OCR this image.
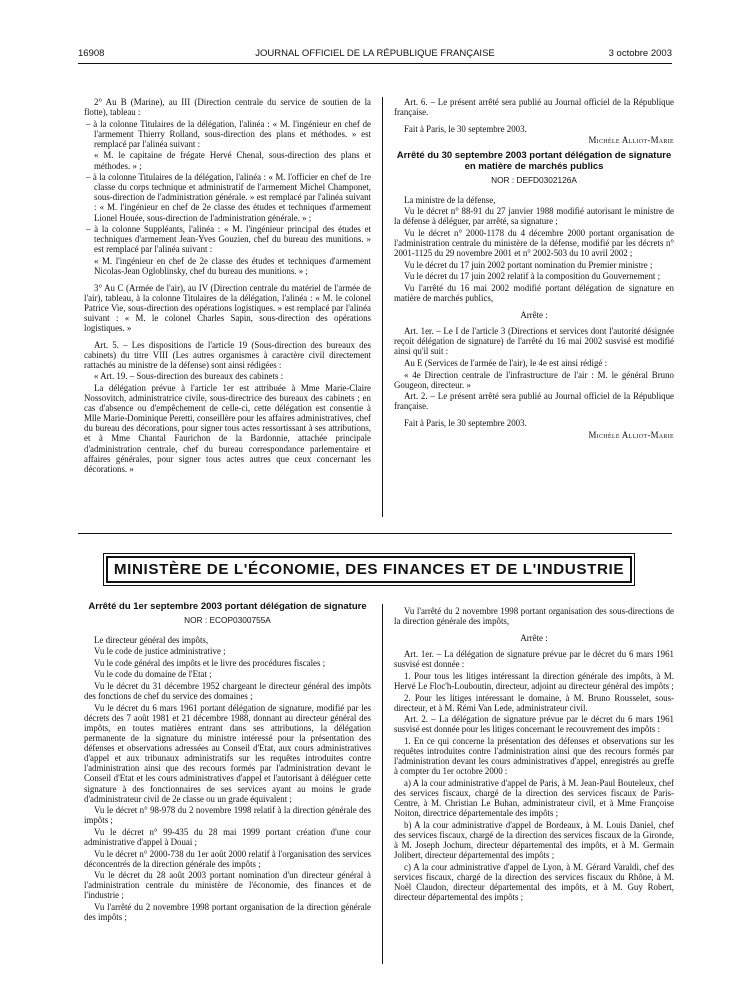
16908	JOURNAL OFFICIEL DE LA RÉPUBLIQUE FRANÇAISE	3 octobre 2003

2° Au B (Marine), au III (Direction centrale du service de soutien de la flotte), tableau :

– à la colonne Titulaires de la délégation, l'alinéa : « M. l'ingénieur en chef de l'armement Thierry Rolland, sous-direction des plans et méthodes. » est remplacé par l'alinéa suivant :

« M. le capitaine de frégate Hervé Chenal, sous-direction des plans et méthodes. » ;

– à la colonne Titulaires de la délégation, l'alinéa : « M. l'officier en chef de 1re classe du corps technique et administratif de l'armement Michel Champonet, sous-direction de l'administration générale. » est remplacé par l'alinéa suivant : « M. l'ingénieur en chef de 2e classe des études et techniques d'armement Lionel Houée, sous-direction de l'administration générale. » ;

– à la colonne Suppléants, l'alinéa : « M. l'ingénieur principal des études et techniques d'armement Jean-Yves Gouzien, chef du bureau des munitions. » est remplacé par l'alinéa suivant :

« M. l'ingénieur en chef de 2e classe des études et techniques d'armement Nicolas-Jean Ogloblinsky, chef du bureau des munitions. » ;

3° Au C (Armée de l'air), au IV (Direction centrale du matériel de l'armée de l'air), tableau, à la colonne Titulaires de la délégation, l'alinéa : « M. le colonel Patrice Vie, sous-direction des opérations logistiques. » est remplacé par l'alinéa suivant : « M. le colonel Charles Sapin, sous-direction des opérations logistiques. »

Art. 5. – Les dispositions de l'article 19 (Sous-direction des bureaux des cabinets) du titre VIII (Les autres organismes à caractère civil directement rattachés au ministre de la défense) sont ainsi rédigées :

« Art. 19. – Sous-direction des bureaux des cabinets :

La délégation prévue à l'article 1er est attribuée à Mme Marie-Claire Nossovitch, administratrice civile, sous-directrice des bureaux des cabinets ; en cas d'absence ou d'empêchement de celle-ci, cette délégation est consentie à Mlle Marie-Dominique Peretti, conseillère pour les affaires administratives, chef du bureau des décorations, pour signer tous actes ressortissant à ses attributions, et à Mme Chantal Faurichon de la Bardonnie, attachée principale d'administration centrale, chef du bureau correspondance parlementaire et affaires générales, pour signer tous actes autres que ceux concernant les décorations. »

Art. 6. – Le présent arrêté sera publié au Journal officiel de la République française.

Fait à Paris, le 30 septembre 2003.

Michèle Alliot-Marie

Arrêté du 30 septembre 2003 portant délégation de signature en matière de marchés publics
NOR : DEFD0302126A

La ministre de la défense,

Vu le décret n° 88-91 du 27 janvier 1988 modifié autorisant le ministre de la défense à déléguer, par arrêté, sa signature ;

Vu le décret n° 2000-1178 du 4 décembre 2000 portant organisation de l'administration centrale du ministère de la défense, modifié par les décrets n° 2001-1125 du 29 novembre 2001 et n° 2002-503 du 10 avril 2002 ;

Vu le décret du 17 juin 2002 portant nomination du Premier ministre ;

Vu le décret du 17 juin 2002 relatif à la composition du Gouvernement ;

Vu l'arrêté du 16 mai 2002 modifié portant délégation de signature en matière de marchés publics,

Arrête :

Art. 1er. – Le I de l'article 3 (Directions et services dont l'autorité désignée reçoit délégation de signature) de l'arrêté du 16 mai 2002 susvisé est modifié ainsi qu'il suit :

Au E (Services de l'armée de l'air), le 4e est ainsi rédigé :

« 4e Direction centrale de l'infrastructure de l'air : M. le général Bruno Gougeon, directeur. »

Art. 2. – Le présent arrêté sera publié au Journal officiel de la République française.

Fait à Paris, le 30 septembre 2003.

Michèle Alliot-Marie

MINISTÈRE DE L'ÉCONOMIE, DES FINANCES ET DE L'INDUSTRIE
Arrêté du 1er septembre 2003 portant délégation de signature
NOR : ECOP0300755A

Le directeur général des impôts,

Vu le code de justice administrative ;

Vu le code général des impôts et le livre des procédures fiscales ;

Vu le code du domaine de l'Etat ;

Vu le décret du 31 décembre 1952 chargeant le directeur général des impôts des fonctions de chef du service des domaines ;

Vu le décret du 6 mars 1961 portant délégation de signature, modifié par les décrets des 7 août 1981 et 21 décembre 1988, donnant au directeur général des impôts, en toutes matières entrant dans ses attributions, la délégation permanente de la signature du ministre intéressé pour la présentation des défenses et observations adressées au Conseil d'Etat, aux cours administratives d'appel et aux tribunaux administratifs sur les requêtes introduites contre l'administration ainsi que des recours formés par l'administration devant le Conseil d'Etat et les cours administratives d'appel et l'autorisant à déléguer cette signature à des fonctionnaires de ses services ayant au moins le grade d'administrateur civil de 2e classe ou un grade équivalent ;

Vu le décret n° 98-978 du 2 novembre 1998 relatif à la direction générale des impôts ;

Vu le décret n° 99-435 du 28 mai 1999 portant création d'une cour administrative d'appel à Douai ;

Vu le décret n° 2000-738 du 1er août 2000 relatif à l'organisation des services déconcentrés de la direction générale des impôts ;

Vu le décret du 28 août 2003 portant nomination d'un directeur général à l'administration centrale du ministère de l'économie, des finances et de l'industrie ;

Vu l'arrêté du 2 novembre 1998 portant organisation de la direction générale des impôts ;

Vu l'arrêté du 2 novembre 1998 portant organisation des sous-directions de la direction générale des impôts,

Arrête :

Art. 1er. – La délégation de signature prévue par le décret du 6 mars 1961 susvisé est donnée :

1. Pour tous les litiges intéressant la direction générale des impôts, à M. Hervé Le Floc'h-Louboutin, directeur, adjoint au directeur général des impôts ;

2. Pour les litiges intéressant le domaine, à M. Bruno Rousselet, sous-directeur, et à M. Rémi Van Lede, administrateur civil.

Art. 2. – La délégation de signature prévue par le décret du 6 mars 1961 susvisé est donnée pour les litiges concernant le recouvrement des impôts :

1. En ce qui concerne la présentation des défenses et observations sur les requêtes introduites contre l'administration ainsi que des recours formés par l'administration devant les cours administratives d'appel, enregistrés au greffe à compter du 1er octobre 2000 :

a) A la cour administrative d'appel de Paris, à M. Jean-Paul Bouteleux, chef des services fiscaux, chargé de la direction des services fiscaux de Paris-Centre, à M. Christian Le Buhan, administrateur civil, et à Mme Françoise Noiton, directrice départementale des impôts ;

b) A la cour administrative d'appel de Bordeaux, à M. Louis Daniel, chef des services fiscaux, chargé de la direction des services fiscaux de la Gironde, à M. Joseph Jochum, directeur départemental des impôts, et à M. Germain Jolibert, directeur départemental des impôts ;

c) A la cour administrative d'appel de Lyon, à M. Gérard Varaldi, chef des services fiscaux, chargé de la direction des services fiscaux du Rhône, à M. Noël Claudon, directeur départemental des impôts, et à M. Guy Robert, directeur départemental des impôts ;
